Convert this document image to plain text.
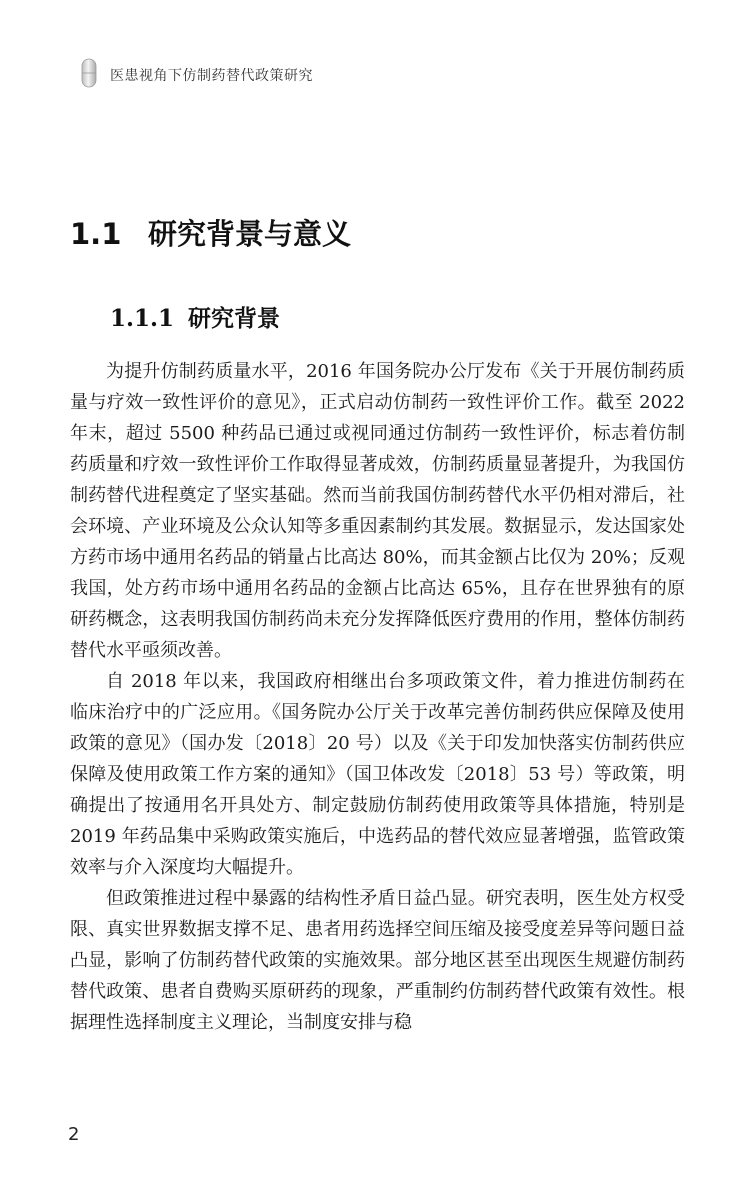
医患视角下仿制药替代政策研究
1.1 研究背景与意义
1.1.1 研究背景

为提升仿制药质量水平，2016 年国务院办公厅发布《关于开展仿制药质量与疗效一致性评价的意见》，正式启动仿制药一致性评价工作。截至 2022 年末，超过 5500 种药品已通过或视同通过仿制药一致性评价，标志着仿制药质量和疗效一致性评价工作取得显著成效，仿制药质量显著提升，为我国仿制药替代进程奠定了坚实基础。然而当前我国仿制药替代水平仍相对滞后，社会环境、产业环境及公众认知等多重因素制约其发展。数据显示，发达国家处方药市场中通用名药品的销量占比高达 80%，而其金额占比仅为 20%；反观我国，处方药市场中通用名药品的金额占比高达 65%，且存在世界独有的原研药概念，这表明我国仿制药尚未充分发挥降低医疗费用的作用，整体仿制药替代水平亟须改善。

自 2018 年以来，我国政府相继出台多项政策文件，着力推进仿制药在临床治疗中的广泛应用。《国务院办公厅关于改革完善仿制药供应保障及使用政策的意见》（国办发〔2018〕20 号）以及《关于印发加快落实仿制药供应保障及使用政策工作方案的通知》（国卫体改发〔2018〕53 号）等政策，明确提出了按通用名开具处方、制定鼓励仿制药使用政策等具体措施，特别是 2019 年药品集中采购政策实施后，中选药品的替代效应显著增强，监管政策效率与介入深度均大幅提升。

但政策推进过程中暴露的结构性矛盾日益凸显。研究表明，医生处方权受限、真实世界数据支撑不足、患者用药选择空间压缩及接受度差异等问题日益凸显，影响了仿制药替代政策的实施效果。部分地区甚至出现医生规避仿制药替代政策、患者自费购买原研药的现象，严重制约仿制药替代政策有效性。根据理性选择制度主义理论，当制度安排与稳

2
